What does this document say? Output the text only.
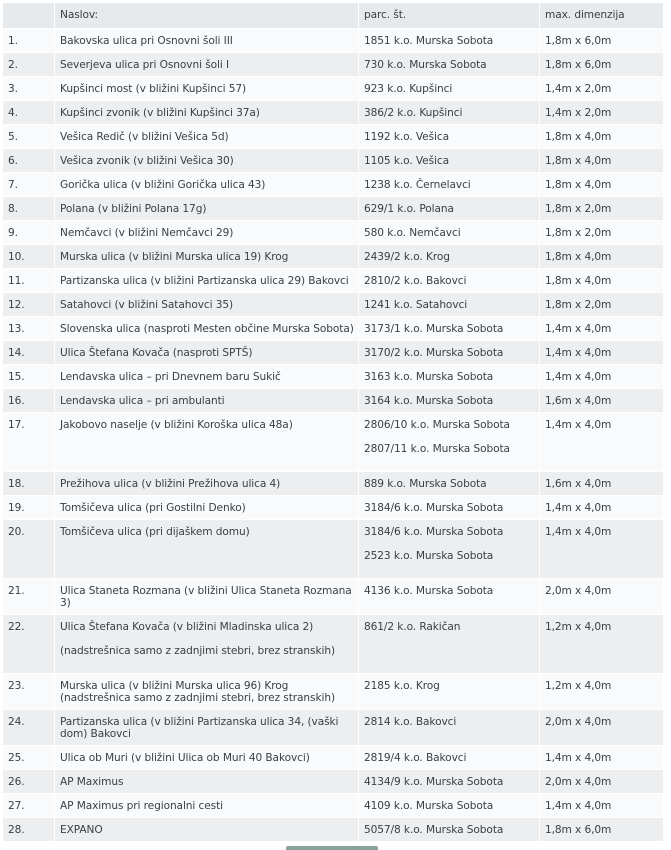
	Naslov:	parc. št.	max. dimenzija
1.	Bakovska ulica pri Osnovni šoli III	1851 k.o. Murska Sobota	1,8m x 6,0m
2.	Severjeva ulica pri Osnovni šoli I	730 k.o. Murska Sobota	1,8m x 6,0m
3.	Kupšinci most (v bližini Kupšinci 57)	923 k.o. Kupšinci	1,4m x 2,0m
4.	Kupšinci zvonik (v bližini Kupšinci 37a)	386/2 k.o. Kupšinci	1,4m x 2,0m
5.	Vešica Redič (v bližini Vešica 5d)	1192 k.o. Vešica	1,8m x 4,0m
6.	Vešica zvonik (v bližini Vešica 30)	1105 k.o. Vešica	1,8m x 4,0m
7.	Goričkа ulica (v bližini Gorička ulica 43)	1238 k.o. Černelavci	1,8m x 4,0m
8.	Polana (v bližini Polana 17g)	629/1 k.o. Polana	1,8m x 2,0m
9.	Nemčavci (v bližini Nemčavci 29)	580 k.o. Nemčavci	1,8m x 2,0m
10.	Murska ulica (v bližini Murska ulica 19) Krog	2439/2 k.o. Krog	1,8m x 4,0m
11.	Partizanska ulica (v bližini Partizanska ulica 29) Bakovci	2810/2 k.o. Bakovci	1,8m x 4,0m
12.	Satahovci (v bližini Satahovci 35)	1241 k.o. Satahovci	1,8m x 2,0m
13.	Slovenska ulica (nasproti Mesten občine Murska Sobota)	3173/1 k.o. Murska Sobota	1,4m x 4,0m
14.	Ulica Štefana Kovača (nasproti SPTŠ)	3170/2 k.o. Murska Sobota	1,4m x 4,0m
15.	Lendavska ulica – pri Dnevnem baru Sukič	3163 k.o. Murska Sobota	1,4m x 4,0m
16.	Lendavska ulica – pri ambulanti	3164 k.o. Murska Sobota	1,6m x 4,0m
17.	Jakobovo naselje (v bližini Koroška ulica 48a)	2806/10 k.o. Murska Sobota
2807/11 k.o. Murska Sobota	1,4m x 4,0m
18.	Prežihova ulica (v bližini Prežihova ulica 4)	889 k.o. Murska Sobota	1,6m x 4,0m
19.	Tomšičeva ulica (pri Gostilni Denko)	3184/6 k.o. Murska Sobota	1,4m x 4,0m
20.	Tomšičeva ulica (pri dijaškem domu)	3184/6 k.o. Murska Sobota
2523 k.o. Murska Sobota	1,4m x 4,0m
21.	Ulica Staneta Rozmana (v bližini Ulica Staneta Rozmana 3)	4136 k.o. Murska Sobota	2,0m x 4,0m
22.	Ulica Štefana Kovača (v bližini Mladinska ulica 2)
(nadstrešnica samo z zadnjimi stebri, brez stranskih)	861/2 k.o. Rakičan	1,2m x 4,0m
23.	Murska ulica (v bližini Murska ulica 96) Krog (nadstrešnica samo z zadnjimi stebri, brez stranskih)	2185 k.o. Krog	1,2m x 4,0m
24.	Partizanska ulica (v bližini Partizanska ulica 34, (vaški dom) Bakovci	2814 k.o. Bakovci	2,0m x 4,0m
25.	Ulica ob Muri (v bližini Ulica ob Muri 40 Bakovci)	2819/4 k.o. Bakovci	1,4m x 4,0m
26.	AP Maximus	4134/9 k.o. Murska Sobota	2,0m x 4,0m
27.	AP Maximus pri regionalni cesti	4109 k.o. Murska Sobota	1,4m x 4,0m
28.	EXPANO	5057/8 k.o. Murska Sobota	1,8m x 6,0m
